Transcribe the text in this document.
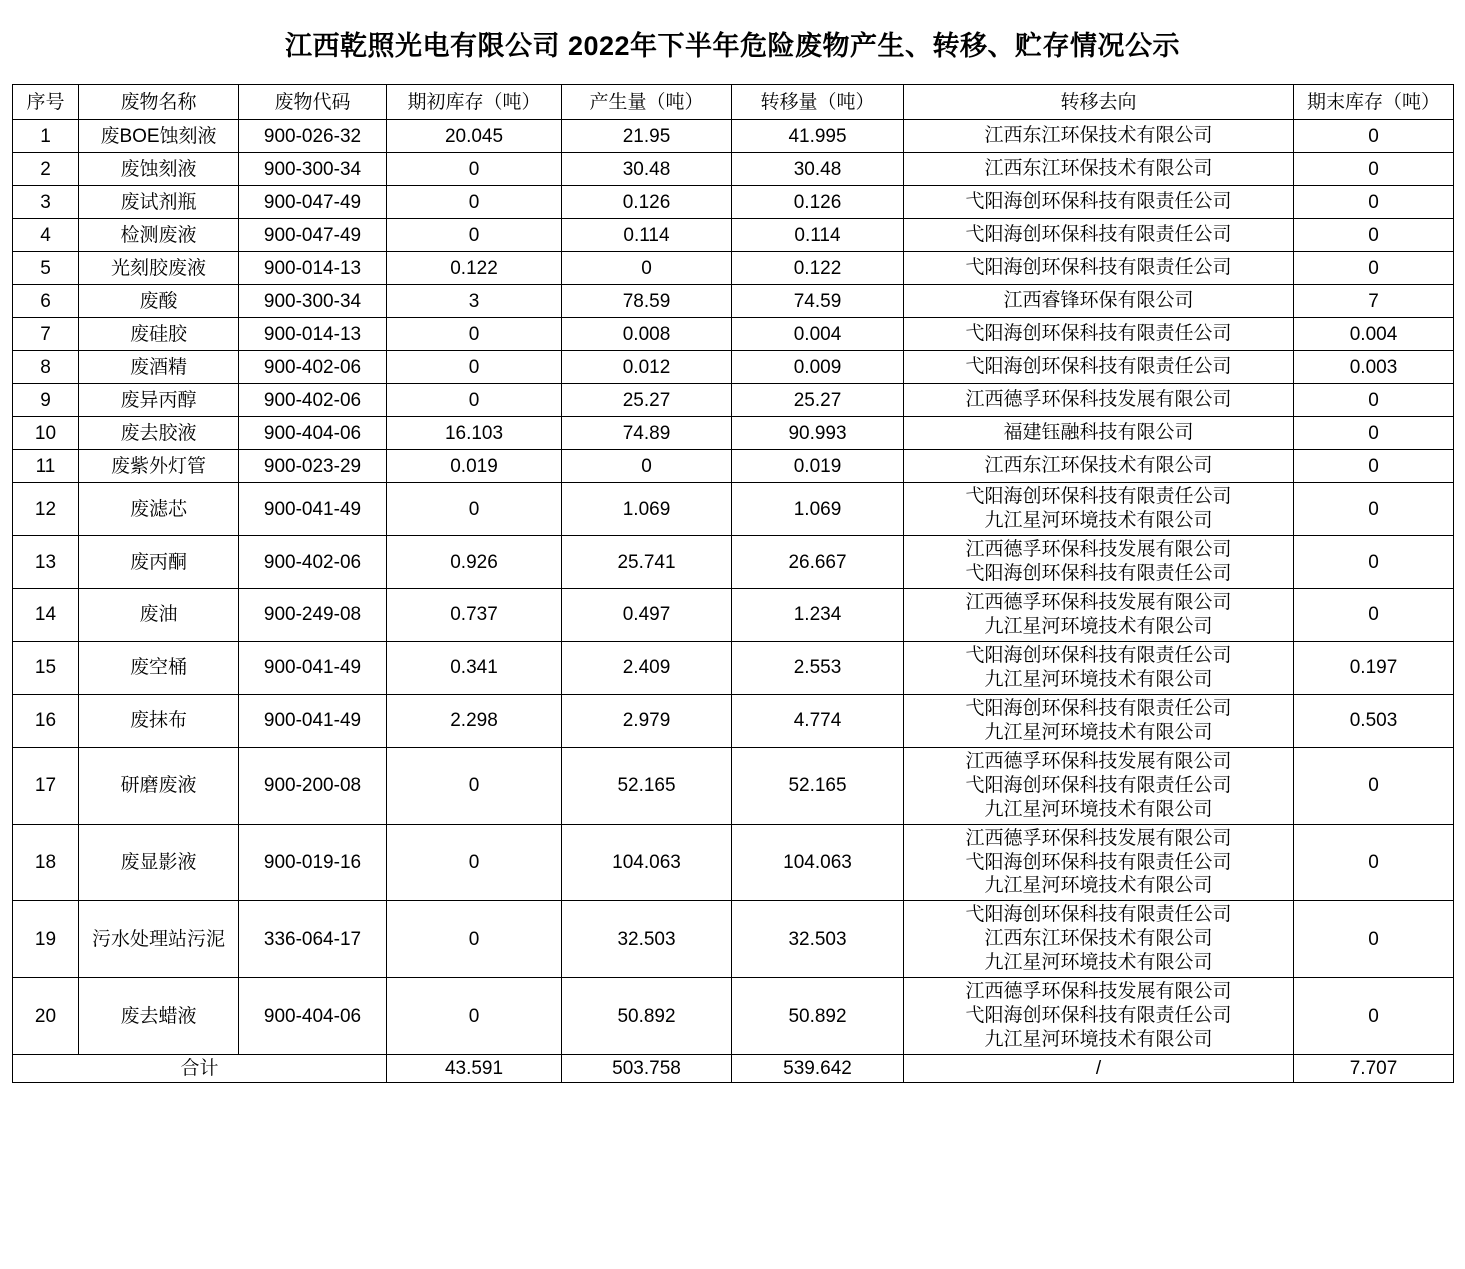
江西乾照光电有限公司 2022年下半年危险废物产生、转移、贮存情况公示
序号	废物名称	废物代码	期初库存（吨）	产生量（吨）	转移量（吨）	转移去向	期末库存（吨）
1	废BOE蚀刻液	900-026-32	20.045	21.95	41.995	江西东江环保技术有限公司	0
2	废蚀刻液	900-300-34	0	30.48	30.48	江西东江环保技术有限公司	0
3	废试剂瓶	900-047-49	0	0.126	0.126	弋阳海创环保科技有限责任公司	0
4	检测废液	900-047-49	0	0.114	0.114	弋阳海创环保科技有限责任公司	0
5	光刻胶废液	900-014-13	0.122	0	0.122	弋阳海创环保科技有限责任公司	0
6	废酸	900-300-34	3	78.59	74.59	江西睿锋环保有限公司	7
7	废硅胶	900-014-13	0	0.008	0.004	弋阳海创环保科技有限责任公司	0.004
8	废酒精	900-402-06	0	0.012	0.009	弋阳海创环保科技有限责任公司	0.003
9	废异丙醇	900-402-06	0	25.27	25.27	江西德孚环保科技发展有限公司	0
10	废去胶液	900-404-06	16.103	74.89	90.993	福建钰融科技有限公司	0
11	废紫外灯管	900-023-29	0.019	0	0.019	江西东江环保技术有限公司	0
12	废滤芯	900-041-49	0	1.069	1.069	弋阳海创环保科技有限责任公司
九江星河环境技术有限公司	0
13	废丙酮	900-402-06	0.926	25.741	26.667	江西德孚环保科技发展有限公司
弋阳海创环保科技有限责任公司	0
14	废油	900-249-08	0.737	0.497	1.234	江西德孚环保科技发展有限公司
九江星河环境技术有限公司	0
15	废空桶	900-041-49	0.341	2.409	2.553	弋阳海创环保科技有限责任公司
九江星河环境技术有限公司	0.197
16	废抹布	900-041-49	2.298	2.979	4.774	弋阳海创环保科技有限责任公司
九江星河环境技术有限公司	0.503
17	研磨废液	900-200-08	0	52.165	52.165	江西德孚环保科技发展有限公司
弋阳海创环保科技有限责任公司
九江星河环境技术有限公司	0
18	废显影液	900-019-16	0	104.063	104.063	江西德孚环保科技发展有限公司
弋阳海创环保科技有限责任公司
九江星河环境技术有限公司	0
19	污水处理站污泥	336-064-17	0	32.503	32.503	弋阳海创环保科技有限责任公司
江西东江环保技术有限公司
九江星河环境技术有限公司	0
20	废去蜡液	900-404-06	0	50.892	50.892	江西德孚环保科技发展有限公司
弋阳海创环保科技有限责任公司
九江星河环境技术有限公司	0
合计			43.591	503.758	539.642	/	7.707
